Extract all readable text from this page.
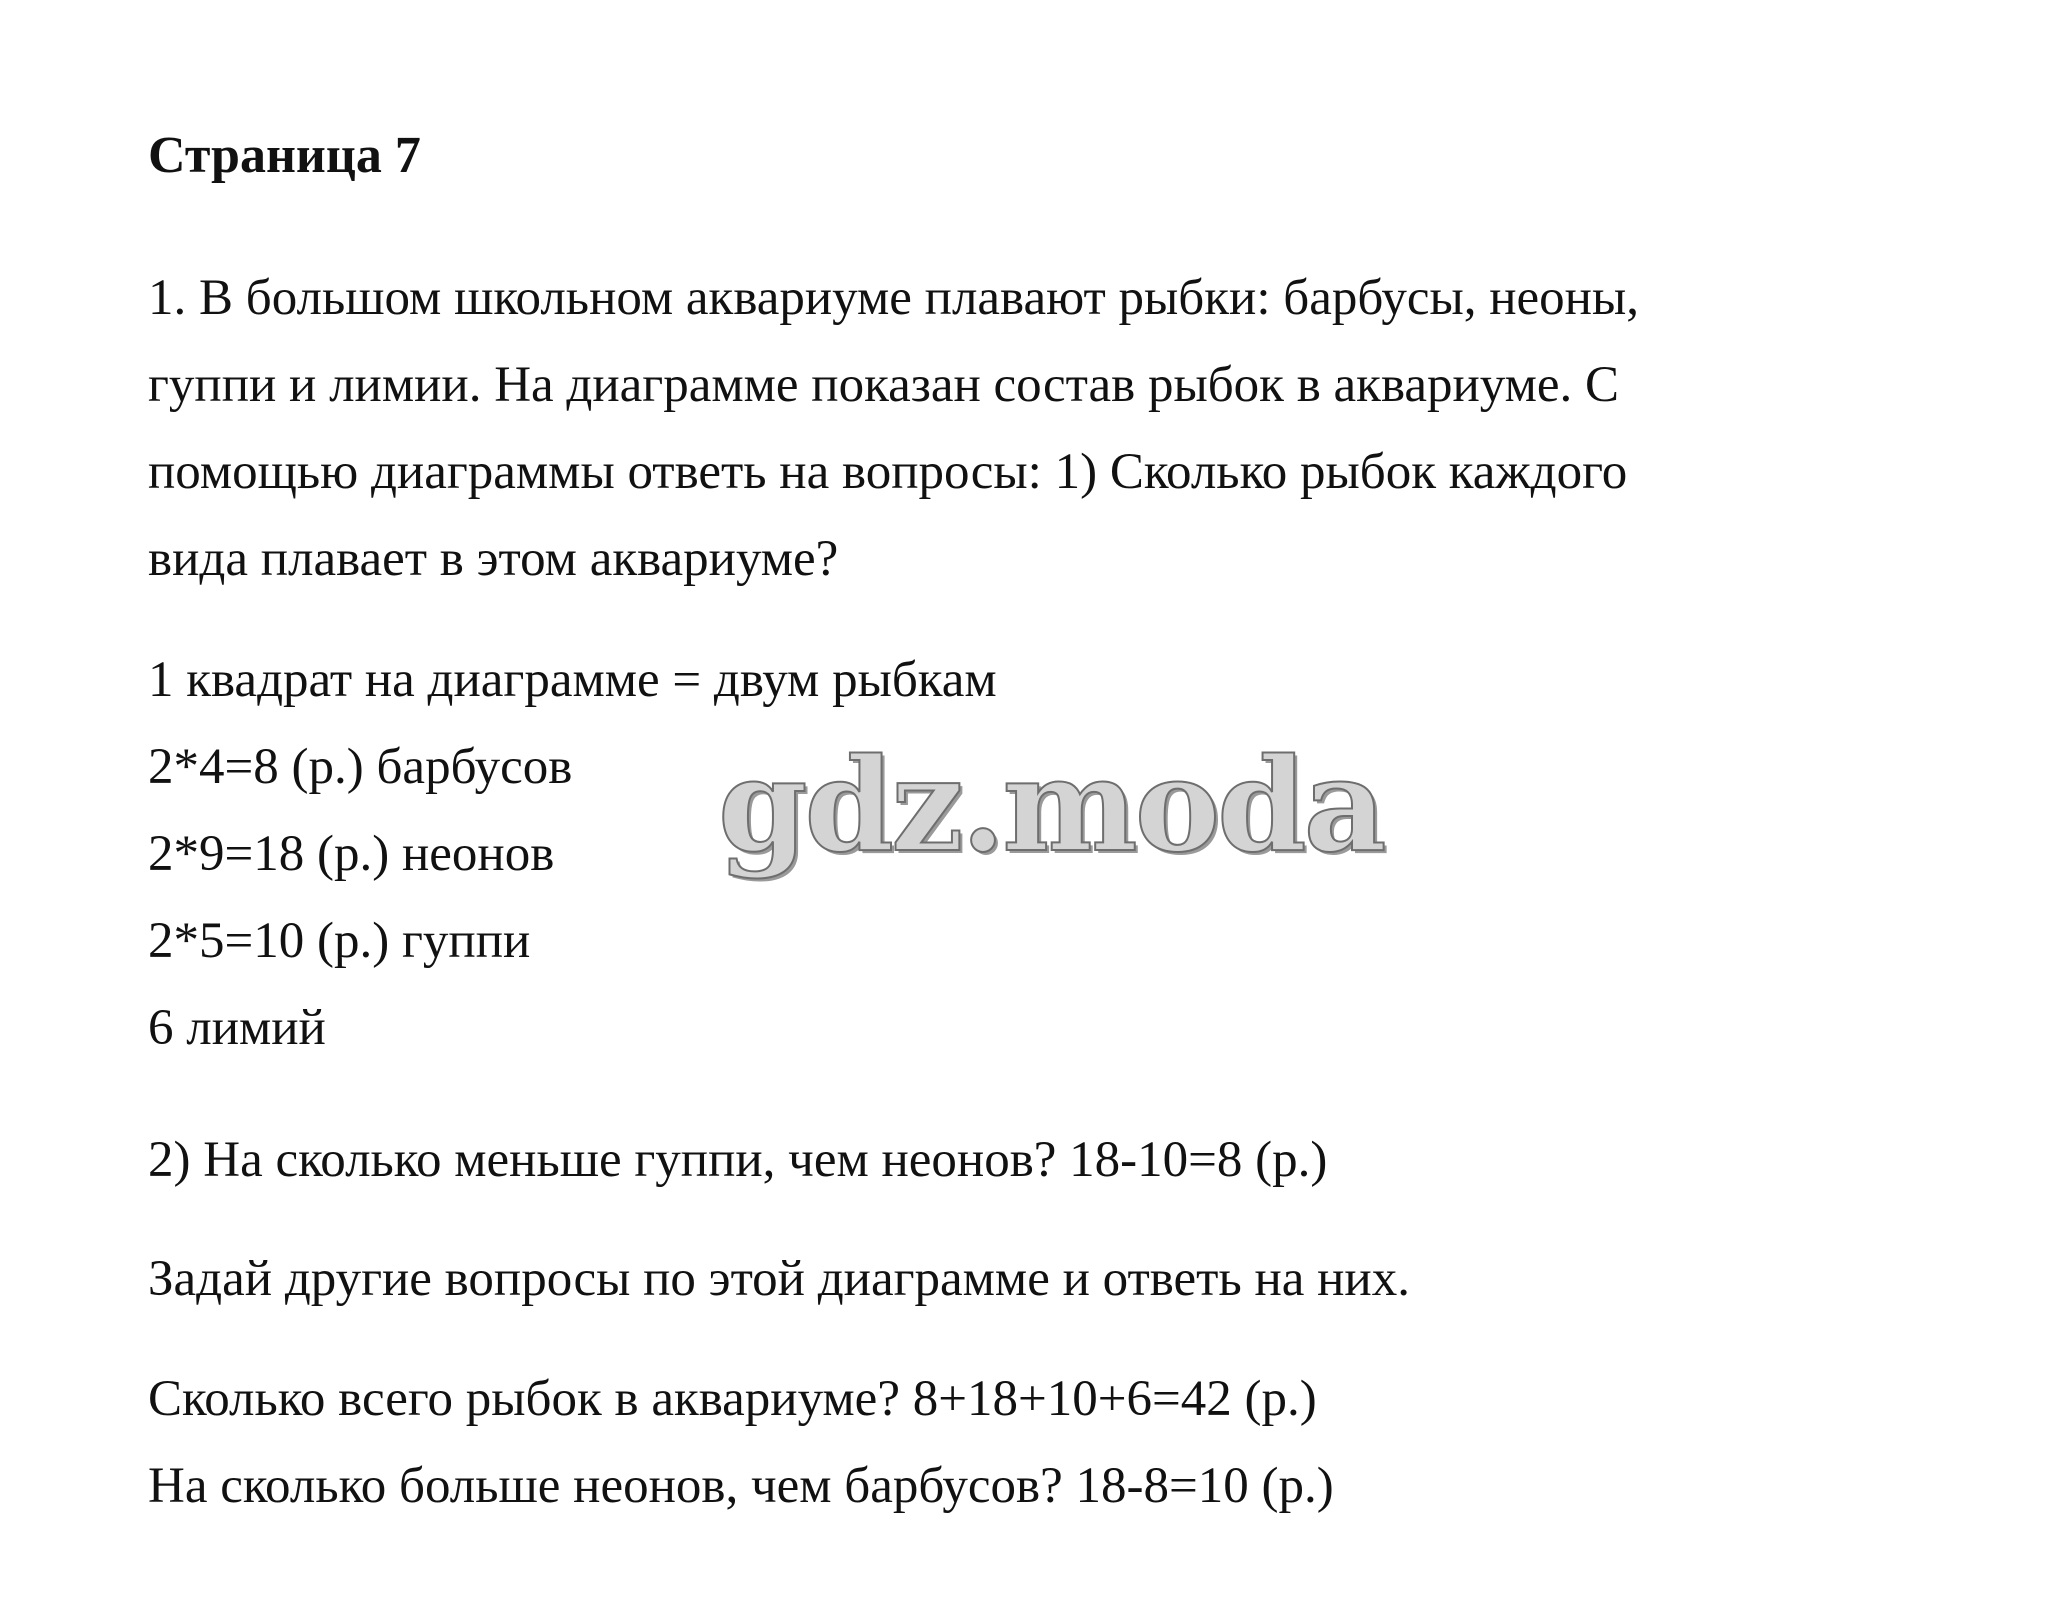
Страница 7

1. В большом школьном аквариуме плавают рыбки: барбусы, неоны,

гуппи и лимии. На диаграмме показан состав рыбок в аквариуме. С

помощью диаграммы ответь на вопросы: 1) Сколько рыбок каждого

вида плавает в этом аквариуме?

1 квадрат на диаграмме = двум рыбкам

2*4=8 (р.) барбусов

2*9=18 (р.) неонов

2*5=10 (р.) гуппи

6 лимий

2) На сколько меньше гуппи, чем неонов? 18-10=8 (р.)

Задай другие вопросы по этой диаграмме и ответь на них.

Сколько всего рыбок в аквариуме? 8+18+10+6=42 (р.)

На сколько больше неонов, чем барбусов? 18-8=10 (р.)

gdz.moda
